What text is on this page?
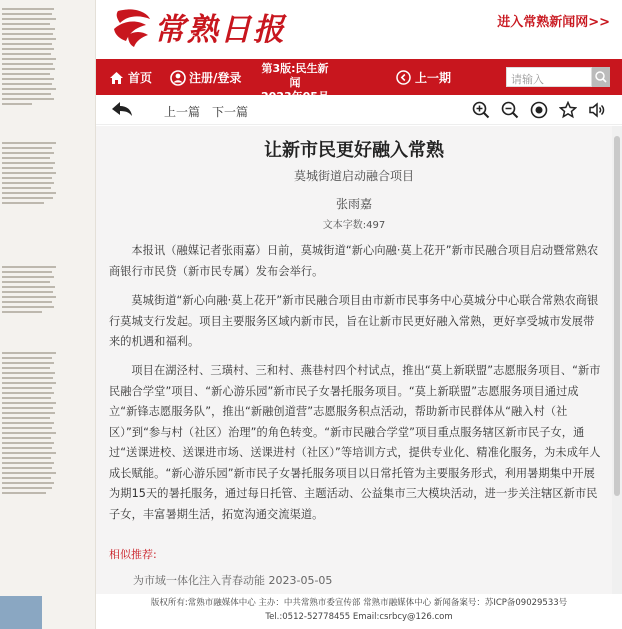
常熟日报	进入常熟新闻网>>
首页	注册/登录
第3版:民生新闻	上一期	请输入
上一篇 下一篇
让新市民更好融入常熟
莫城街道启动融合项目
张雨嘉
文本字数:497

本报讯（融媒记者张雨嘉）日前，莫城街道“新心向融·莫上花开”新市民融合项目启动暨常熟农商银行市民贷（新市民专属）发布会举行。

莫城街道“新心向融·莫上花开”新市民融合项目由市新市民事务中心莫城分中心联合常熟农商银行莫城支行发起。项目主要服务区域内新市民，旨在让新市民更好融入常熟，更好享受城市发展带来的机遇和福利。

项目在湖泾村、三璜村、三和村、燕巷村四个村试点，推出“莫上新联盟”志愿服务项目、“新市民融合学堂”项目、“新心游乐园”新市民子女暑托服务项目。“莫上新联盟”志愿服务项目通过成立“新锋志愿服务队”，推出“新融创道营”志愿服务积点活动，帮助新市民群体从“融入村（社区）”到“参与村（社区）治理”的角色转变。“新市民融合学堂”项目重点服务辖区新市民子女，通过“送课进校、送课进市场、送课进村（社区）”等培训方式，提供专业化、精准化服务，为未成年人成长赋能。“新心游乐园”新市民子女暑托服务项目以日常托管为主要服务形式，利用暑期集中开展为期15天的暑托服务，通过每日托管、主题活动、公益集市三大模块活动，进一步关注辖区新市民子女，丰富暑期生活，拓宽沟通交流渠道。

相似推荐:
为市域一体化注入青春动能 2023-05-05
版权所有:常熟市融媒体中心 主办：中共常熟市委宣传部 常熟市融媒体中心 新闻备案号：苏ICP备09029533号
Tel.:0512-52778455 Email:csrbcy@126.com
